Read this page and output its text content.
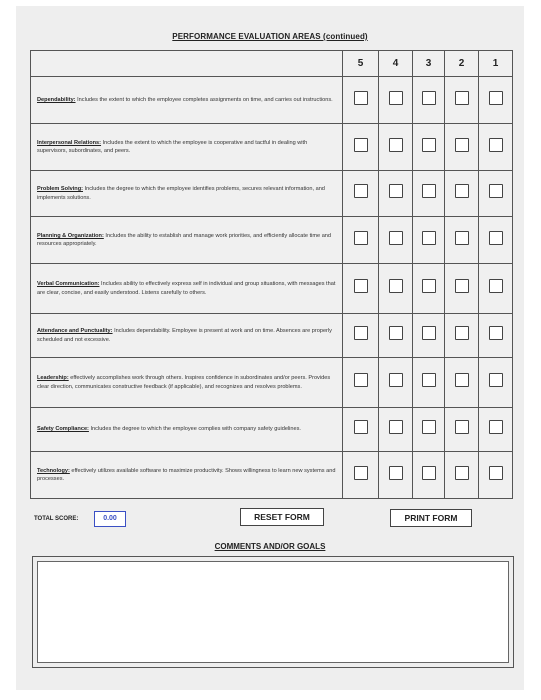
PERFORMANCE EVALUATION AREAS (continued)
	5	4	3	2	1
Dependability: Includes the extent to which the employee completes assignments on time, and carries out instructions.					
Interpersonal Relations: Includes the extent to which the employee is cooperative and tactful in dealing with supervisors, subordinates, and peers.					
Problem Solving: Includes the degree to which the employee identifies problems, secures relevant information, and implements solutions.					
Planning & Organization: Includes the ability to establish and manage work priorities, and efficiently allocate time and resources appropriately.					
Verbal Communication: Includes ability to effectively express self in individual and group situations, with messages that are clear, concise, and easily understood. Listens carefully to others.					
Attendance and Punctuality: Includes dependability. Employee is present at work and on time. Absences are properly scheduled and not excessive.					
Leadership: effectively accomplishes work through others. Inspires confidence in subordinates and/or peers. Provides clear direction, communicates constructive feedback (if applicable), and recognizes and resolves problems.					
Safety Compliance: Includes the degree to which the employee complies with company safety guidelines.					
Technology: effectively utilizes available software to maximize productivity. Shows willingness to learn new systems and processes.					
TOTAL SCORE:	0.00	RESET FORM	PRINT FORM
COMMENTS AND/OR GOALS
